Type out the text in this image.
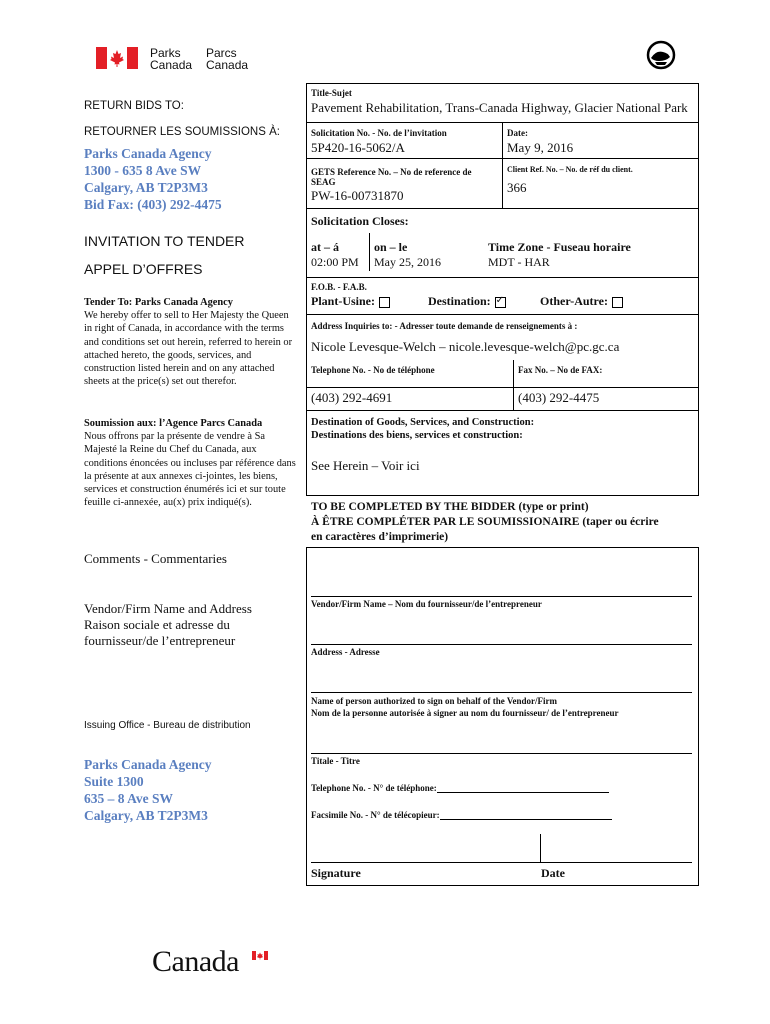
Parks
Canada
Parcs
Canada
RETURN BIDS TO:
RETOURNER LES SOUMISSIONS À:
Parks Canada Agency
1300 - 635 8 Ave SW
Calgary, AB T2P3M3
Bid Fax: (403) 292-4475
INVITATION TO TENDER
APPEL D’OFFRES
Tender To: Parks Canada Agency
We hereby offer to sell to Her Majesty the Queen in right of Canada, in accordance with the terms and conditions set out herein, referred to herein or attached hereto, the goods, services, and construction listed herein and on any attached sheets at the price(s) set out therefor.
Soumission aux: l’Agence Parcs Canada
Nous offrons par la présente de vendre à Sa Majesté la Reine du Chef du Canada, aux conditions énoncées ou incluses par référence dans la présente at aux annexes ci-jointes, les biens, services et construction énumérés ici et sur toute feuille ci-annexée, au(x) prix indiqué(s).
Comments - Commentaries
Vendor/Firm Name and Address
Raison sociale et adresse du
fournisseur/de l’entrepreneur
Issuing Office - Bureau de distribution
Parks Canada Agency
Suite 1300
635 – 8 Ave SW
Calgary, AB T2P3M3
Title-Sujet
Pavement Rehabilitation, Trans-Canada Highway, Glacier National Park
Solicitation No. - No. de l’invitation
5P420-16-5062/A
Date:
May 9, 2016
GETS Reference No. – No de reference de SEAG
PW-16-00731870
Client Ref. No. – No. de réf du client.
366
Solicitation Closes:
at – á
02:00 PM
on – le
May 25, 2016
Time Zone - Fuseau horaire
MDT - HAR
F.O.B. - F.A.B.
Plant-Usine:	Destination:✓	Other-Autre:
Address Inquiries to: - Adresser toute demande de renseignements à :
Nicole Levesque-Welch – nicole.levesque-welch@pc.gc.ca
Telephone No. - No de téléphone	Fax No. – No de FAX:
(403) 292-4691	(403) 292-4475
Destination of Goods, Services, and Construction:
Destinations des biens, services et construction:
See Herein – Voir ici
TO BE COMPLETED BY THE BIDDER (type or print)
À ÊTRE COMPLÉTER PAR LE SOUMISSIONAIRE (taper ou écrire
en caractères d’imprimerie)
Vendor/Firm Name – Nom du fournisseur/de l’entrepreneur
Address - Adresse
Name of person authorized to sign on behalf of the Vendor/Firm
Nom de la personne autorisée à signer au nom du fournisseur/ de l’entrepreneur
Titale - Titre
Telephone No. - N° de téléphone:
Facsimile No. - N° de télécopieur:
Signature	Date
Canada
